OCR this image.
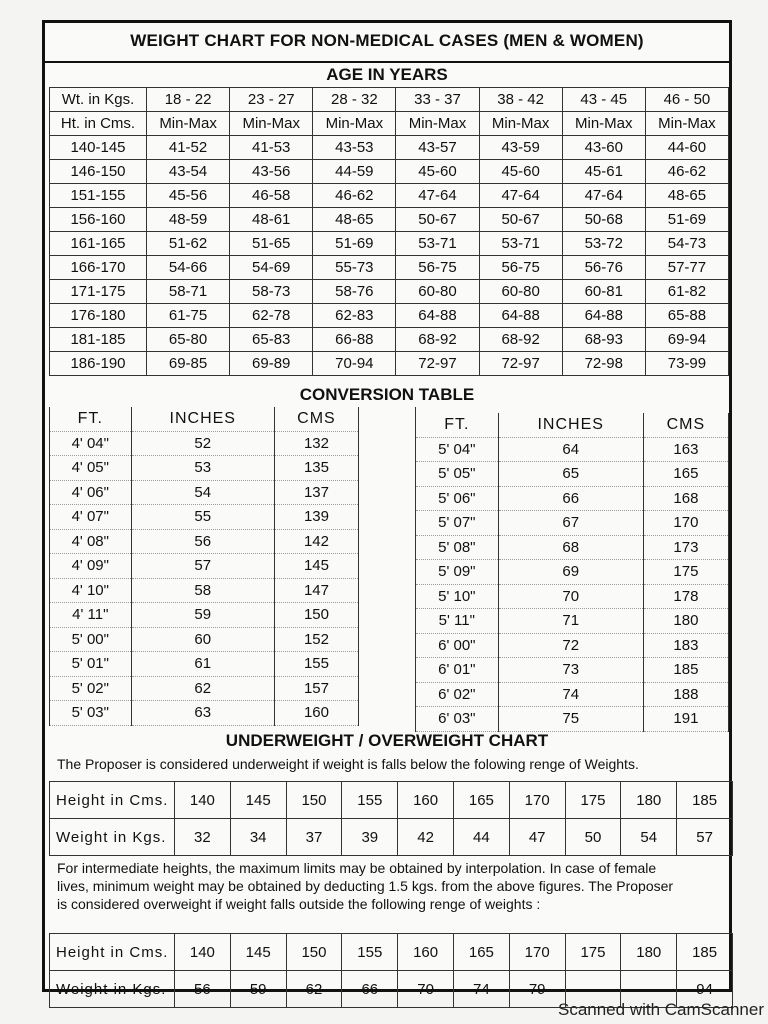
WEIGHT CHART FOR NON-MEDICAL CASES (MEN & WOMEN)
AGE IN YEARS
Wt. in Kgs.	18 - 22	23 - 27	28 - 32	33 - 37	38 - 42	43 - 45	46 - 50
Ht. in Cms.	Min-Max	Min-Max	Min-Max	Min-Max	Min-Max	Min-Max	Min-Max
140-145	41-52	41-53	43-53	43-57	43-59	43-60	44-60
146-150	43-54	43-56	44-59	45-60	45-60	45-61	46-62
151-155	45-56	46-58	46-62	47-64	47-64	47-64	48-65
156-160	48-59	48-61	48-65	50-67	50-67	50-68	51-69
161-165	51-62	51-65	51-69	53-71	53-71	53-72	54-73
166-170	54-66	54-69	55-73	56-75	56-75	56-76	57-77
171-175	58-71	58-73	58-76	60-80	60-80	60-81	61-82
176-180	61-75	62-78	62-83	64-88	64-88	64-88	65-88
181-185	65-80	65-83	66-88	68-92	68-92	68-93	69-94
186-190	69-85	69-89	70-94	72-97	72-97	72-98	73-99
CONVERSION TABLE
FT.	INCHES	CMS
4' 04"	52	132
4' 05"	53	135
4' 06"	54	137
4' 07"	55	139
4' 08"	56	142
4' 09"	57	145
4' 10"	58	147
4' 11"	59	150
5' 00"	60	152
5' 01"	61	155
5' 02"	62	157
5' 03"	63	160
FT.	INCHES	CMS
5' 04"	64	163
5' 05"	65	165
5' 06"	66	168
5' 07"	67	170
5' 08"	68	173
5' 09"	69	175
5' 10"	70	178
5' 11"	71	180
6' 00"	72	183
6' 01"	73	185
6' 02"	74	188
6' 03"	75	191
UNDERWEIGHT / OVERWEIGHT CHART
The Proposer is considered underweight if weight is falls below the folowing renge of Weights.
Height in Cms.	140	145	150	155	160	165	170	175	180	185
Weight in Kgs.	32	34	37	39	42	44	47	50	54	57
For intermediate heights, the maximum limits may be obtained by interpolation. In case of female
lives, minimum weight may be obtained by deducting 1.5 kgs. from the above figures. The Proposer
is considered overweight if weight falls outside the following renge of weights :
Height in Cms.	140	145	150	155	160	165	170	175	180	185
Weight in Kgs.	56	59	62	66	70	74	79			94
Scanned with CamScanner
